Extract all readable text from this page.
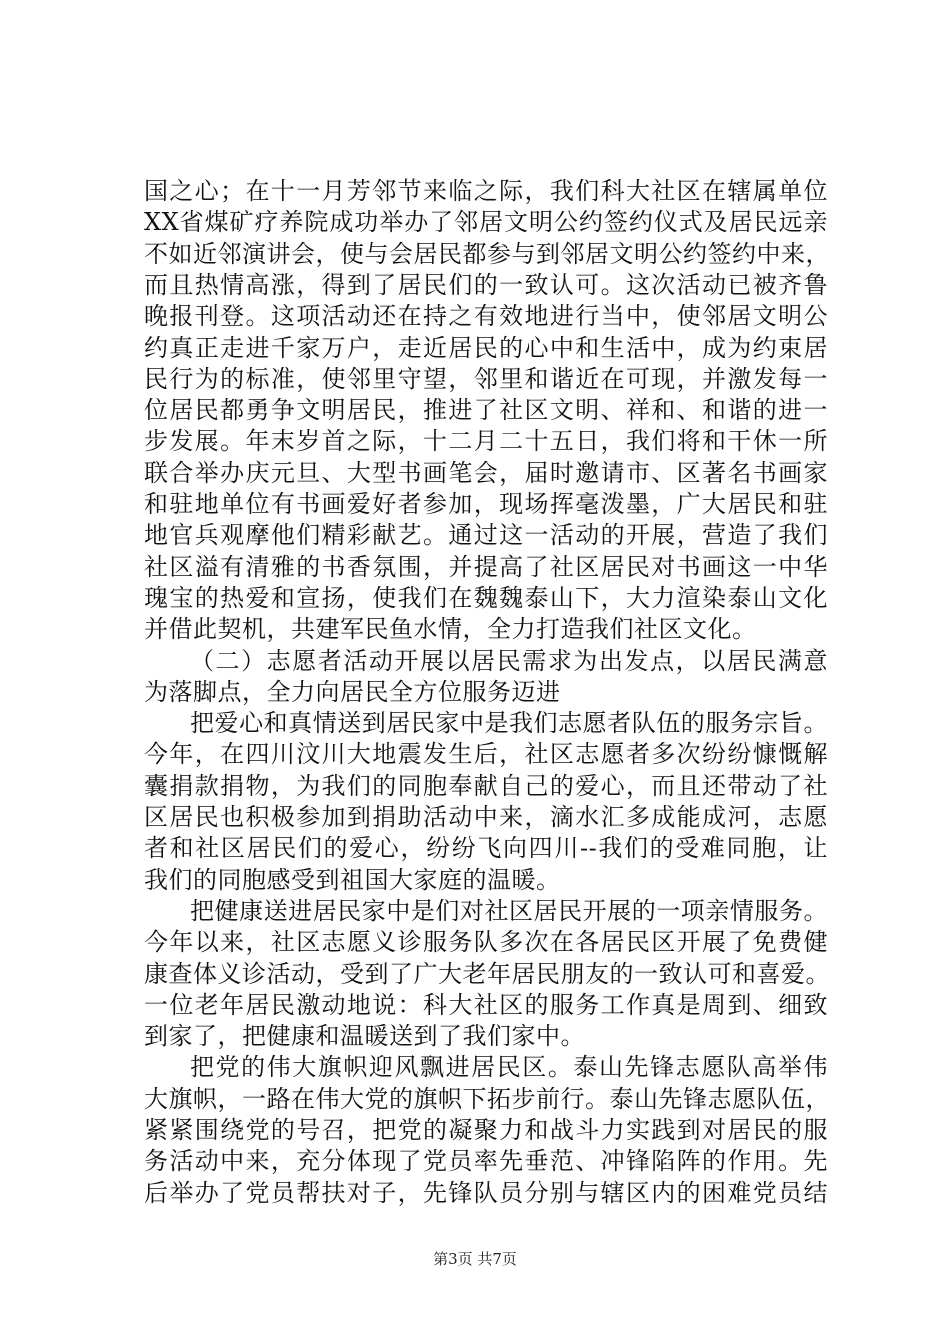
国之心；在十一月芳邻节来临之际，我们科大社区在辖属单位
XX省煤矿疗养院成功举办了邻居文明公约签约仪式及居民远亲
不如近邻演讲会，使与会居民都参与到邻居文明公约签约中来，
而且热情高涨，得到了居民们的一致认可。这次活动已被齐鲁
晚报刊登。这项活动还在持之有效地进行当中，使邻居文明公
约真正走进千家万户，走近居民的心中和生活中，成为约束居
民行为的标准，使邻里守望，邻里和谐近在可现，并激发每一
位居民都勇争文明居民，推进了社区文明、祥和、和谐的进一
步发展。年末岁首之际，十二月二十五日，我们将和干休一所
联合举办庆元旦、大型书画笔会，届时邀请市、区著名书画家
和驻地单位有书画爱好者参加，现场挥毫泼墨，广大居民和驻
地官兵观摩他们精彩献艺。通过这一活动的开展，营造了我们
社区溢有清雅的书香氛围，并提高了社区居民对书画这一中华
瑰宝的热爱和宣扬，使我们在魏魏泰山下，大力渲染泰山文化
并借此契机，共建军民鱼水情，全力打造我们社区文化。
（二）志愿者活动开展以居民需求为出发点，以居民满意
为落脚点，全力向居民全方位服务迈进
把爱心和真情送到居民家中是我们志愿者队伍的服务宗旨。
今年，在四川汶川大地震发生后，社区志愿者多次纷纷慷慨解
囊捐款捐物，为我们的同胞奉献自己的爱心，而且还带动了社
区居民也积极参加到捐助活动中来，滴水汇多成能成河，志愿
者和社区居民们的爱心，纷纷飞向四川--我们的受难同胞，让
我们的同胞感受到祖国大家庭的温暖。
把健康送进居民家中是们对社区居民开展的一项亲情服务。
今年以来，社区志愿义诊服务队多次在各居民区开展了免费健
康查体义诊活动，受到了广大老年居民朋友的一致认可和喜爱。
一位老年居民激动地说：科大社区的服务工作真是周到、细致
到家了，把健康和温暖送到了我们家中。
把党的伟大旗帜迎风飘进居民区。泰山先锋志愿队高举伟
大旗帜，一路在伟大党的旗帜下拓步前行。泰山先锋志愿队伍，
紧紧围绕党的号召，把党的凝聚力和战斗力实践到对居民的服
务活动中来，充分体现了党员率先垂范、冲锋陷阵的作用。先
后举办了党员帮扶对子，先锋队员分别与辖区内的困难党员结
第3页 共7页
